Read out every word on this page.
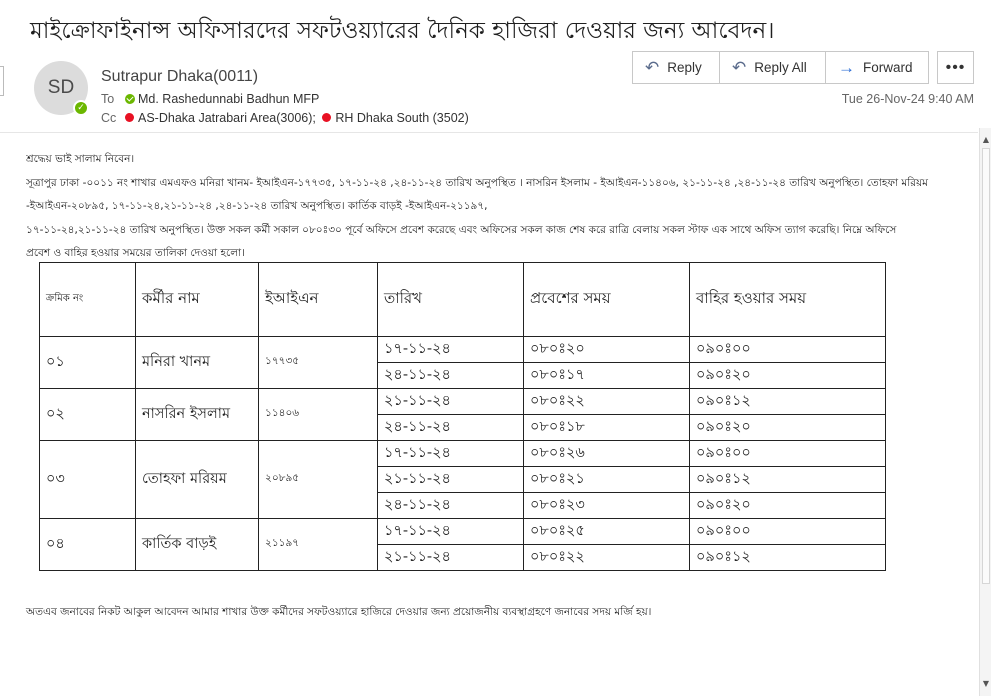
মাইক্রোফাইনান্স অফিসারদের সফটওয়্যারের দৈনিক হাজিরা দেওয়ার জন্য আবেদন।
SD
✓
Sutrapur Dhaka(0011)
To Md. Rashedunnabi Badhun MFP
Cc AS-Dhaka Jatrabari Area(3006); RH Dhaka South (3502)
↶ Reply ↶ Reply All → Forward •••
Tue 26-Nov-24 9:40 AM

শ্রদ্ধেয় ভাই সালাম নিবেন।

সূত্রাপুর ঢাকা -০০১১ নং শাখার এমএফও মনিরা খানম- ইআইএন-১৭৭৩৫, ১৭-১১-২৪ ,২৪-১১-২৪ তারিখ অনুপস্থিত । নাসরিন ইসলাম - ইআইএন-১১৪০৬, ২১-১১-২৪ ,২৪-১১-২৪ তারিখ অনুপস্থিত। তোহফা মরিয়ম

-ইআইএন-২০৮৯৫, ১৭-১১-২৪,২১-১১-২৪ ,২৪-১১-২৪ তারিখ অনুপস্থিত। কার্তিক বাড়ই -ইআইএন-২১১৯৭,

১৭-১১-২৪,২১-১১-২৪ তারিখ অনুপস্থিত। উক্ত সকল কর্মী সকাল ০৮০ঃ৩০ পূর্বে অফিসে প্রবেশ করেছে এবং অফিসের সকল কাজ শেষ করে রাত্রি বেলায় সকল স্টাফ এক সাথে অফিস ত্যাগ করেছি। নিম্নে অফিসে

প্রবেশ ও বাহির হওয়ার সময়ের তালিকা দেওয়া হলো।

ক্রমিক নং	কর্মীর নাম	ইআইএন	তারিখ	প্রবেশের সময়	বাহির হওয়ার সময়
০১	মনিরা খানম	১৭৭৩৫	১৭-১১-২৪	০৮০ঃ২০	০৯০ঃ০০
			২৪-১১-২৪	০৮০ঃ১৭	০৯০ঃ২০
০২	নাসরিন ইসলাম	১১৪০৬	২১-১১-২৪	০৮০ঃ২২	০৯০ঃ১২
			২৪-১১-২৪	০৮০ঃ১৮	০৯০ঃ২০
০৩	তোহফা মরিয়ম	২০৮৯৫	১৭-১১-২৪	০৮০ঃ২৬	০৯০ঃ০০
			২১-১১-২৪	০৮০ঃ২১	০৯০ঃ১২
			২৪-১১-২৪	০৮০ঃ২৩	০৯০ঃ২০
০৪	কার্তিক বাড়ই	২১১৯৭	১৭-১১-২৪	০৮০ঃ২৫	০৯০ঃ০০
			২১-১১-২৪	০৮০ঃ২২	০৯০ঃ১২
অতএব জনাবের নিকট আকুল আবেদন আমার শাখার উক্ত কর্মীদের সফটওয়্যারে হাজিরে দেওয়ার জন্য প্রয়োজনীয় ব্যবস্থাগ্রহণে জনাবের সদয় মর্জি হয়।
▲
▼
